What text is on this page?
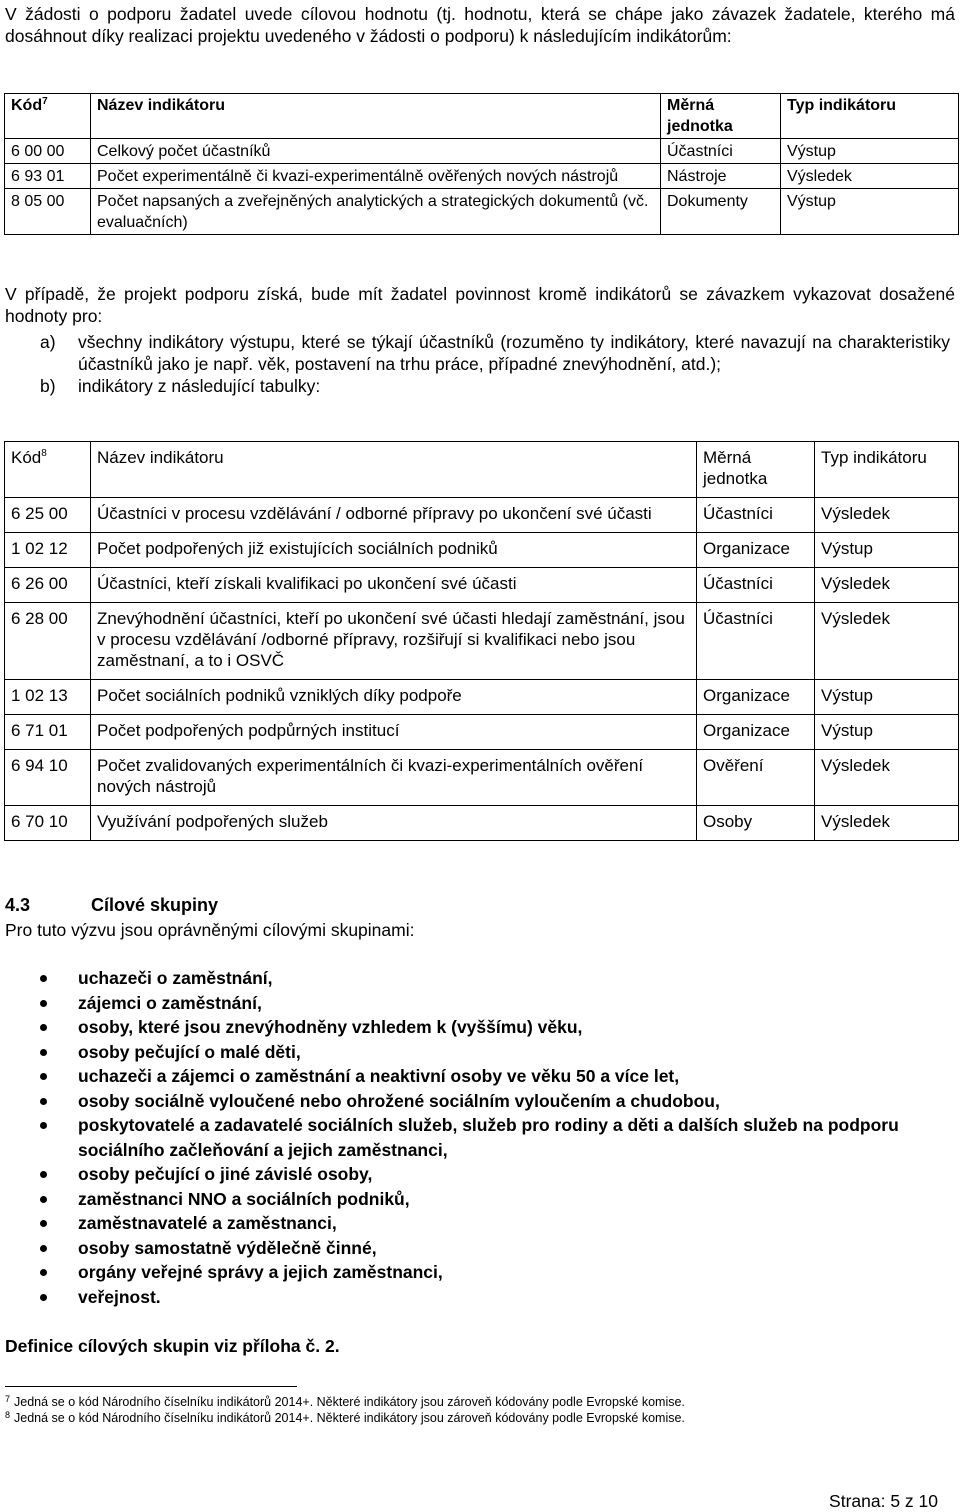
V žádosti o podporu žadatel uvede cílovou hodnotu (tj. hodnotu, která se chápe jako závazek žadatele, kterého má dosáhnout díky realizaci projektu uvedeného v žádosti o podporu) k následujícím indikátorům:

Kód$^7$	Název indikátoru	Měrná jednotka	Typ indikátoru
6 00 00	Celkový počet účastníků	Účastníci	Výstup
6 93 01	Počet experimentálně či kvazi-experimentálně ověřených nových nástrojů	Nástroje	Výsledek
8 05 00	Počet napsaných a zveřejněných analytických a strategických dokumentů (vč. evaluačních)	Dokumenty	Výstup

V případě, že projekt podporu získá, bude mít žadatel povinnost kromě indikátorů se závazkem vykazovat dosažené hodnoty pro:

a) všechny indikátory výstupu, které se týkají účastníků (rozuměno ty indikátory, které navazují na charakteristiky účastníků jako je např. věk, postavení na trhu práce, případné znevýhodnění, atd.);
b) indikátory z následující tabulky:
Kód$^8$	Název indikátoru	Měrná jednotka	Typ indikátoru
6 25 00	Účastníci v procesu vzdělávání / odborné přípravy po ukončení své účasti	Účastníci	Výsledek
1 02 12	Počet podpořených již existujících sociálních podniků	Organizace	Výstup
6 26 00	Účastníci, kteří získali kvalifikaci po ukončení své účasti	Účastníci	Výsledek
6 28 00	Znevýhodnění účastníci, kteří po ukončení své účasti hledají zaměstnání, jsou v procesu vzdělávání /odborné přípravy, rozšiřují si kvalifikaci nebo jsou zaměstnaní, a to i OSVČ	Účastníci	Výsledek
1 02 13	Počet sociálních podniků vzniklých díky podpoře	Organizace	Výstup
6 71 01	Počet podpořených podpůrných institucí	Organizace	Výstup
6 94 10	Počet zvalidovaných experimentálních či kvazi-experimentálních ověření nových nástrojů	Ověření	Výsledek
6 70 10	Využívání podpořených služeb	Osoby	Výsledek
4.3	Cílové skupiny

Pro tuto výzvu jsou oprávněnými cílovými skupinami:

uchazeči o zaměstnání,
zájemci o zaměstnání,
osoby, které jsou znevýhodněny vzhledem k (vyššímu) věku,
osoby pečující o malé děti,
uchazeči a zájemci o zaměstnání a neaktivní osoby ve věku 50 a více let,
osoby sociálně vyloučené nebo ohrožené sociálním vyloučením a chudobou,
poskytovatelé a zadavatelé sociálních služeb, služeb pro rodiny a děti a dalších služeb na podporu sociálního začleňování a jejich zaměstnanci,
osoby pečující o jiné závislé osoby,
zaměstnanci NNO a sociálních podniků,
zaměstnavatelé a zaměstnanci,
osoby samostatně výdělečně činné,
orgány veřejné správy a jejich zaměstnanci,
veřejnost.
Definice cílových skupin viz příloha č. 2.
$^7$ Jedná se o kód Národního číselníku indikátorů 2014+. Některé indikátory jsou zároveň kódovány podle Evropské komise.
$^8$ Jedná se o kód Národního číselníku indikátorů 2014+. Některé indikátory jsou zároveň kódovány podle Evropské komise.
Strana: 5 z 10
